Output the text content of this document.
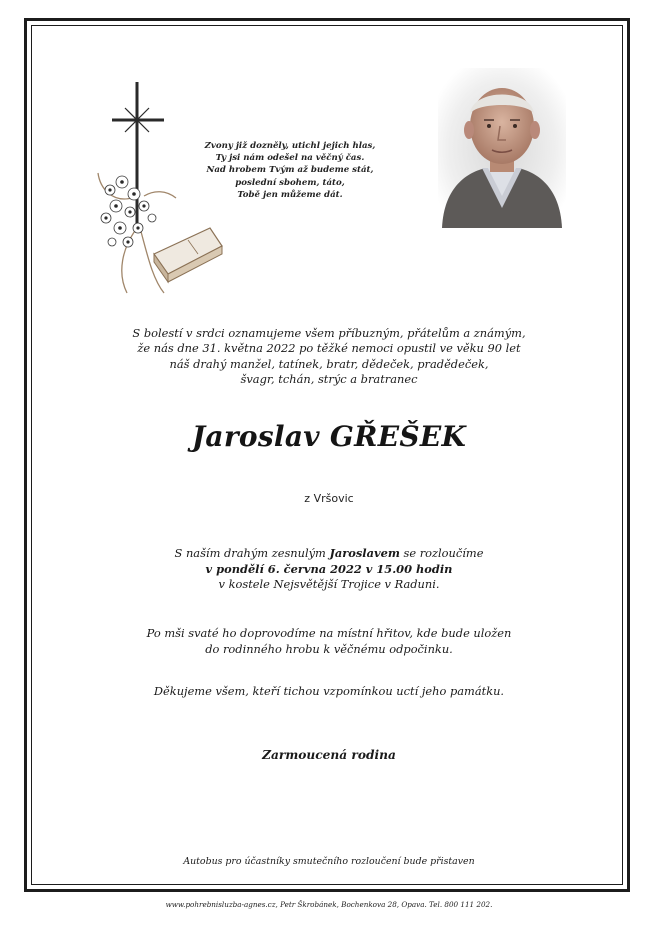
Zvony již dozněly, utichl jejich hlas,
Ty jsi nám odešel na věčný čas.
Nad hrobem Tvým až budeme stát,
poslední sbohem, táto,
Tobě jen můžeme dát.
S bolestí v srdci oznamujeme všem příbuzným, přátelům a známým,
že nás dne 31. května 2022 po těžké nemoci opustil ve věku 90 let
náš drahý manžel, tatínek, bratr, dědeček, pradědeček,
švagr, tchán, strýc a bratranec
Jaroslav GŘEŠEK
z Vršovic
S naším drahým zesnulým Jaroslavem se rozloučíme
v pondělí 6. června 2022 v 15.00 hodin
v kostele Nejsvětější Trojice v Raduni.
Po mši svaté ho doprovodíme na místní hřitov, kde bude uložen
do rodinného hrobu k věčnému odpočinku.
Děkujeme všem, kteří tichou vzpomínkou uctí jeho památku.
Zarmoucená rodina
Autobus pro účastníky smutečního rozloučení bude přistaven
www.pohrebnisluzba-agnes.cz, Petr Škrobánek, Bochenkova 28, Opava. Tel. 800 111 202.
